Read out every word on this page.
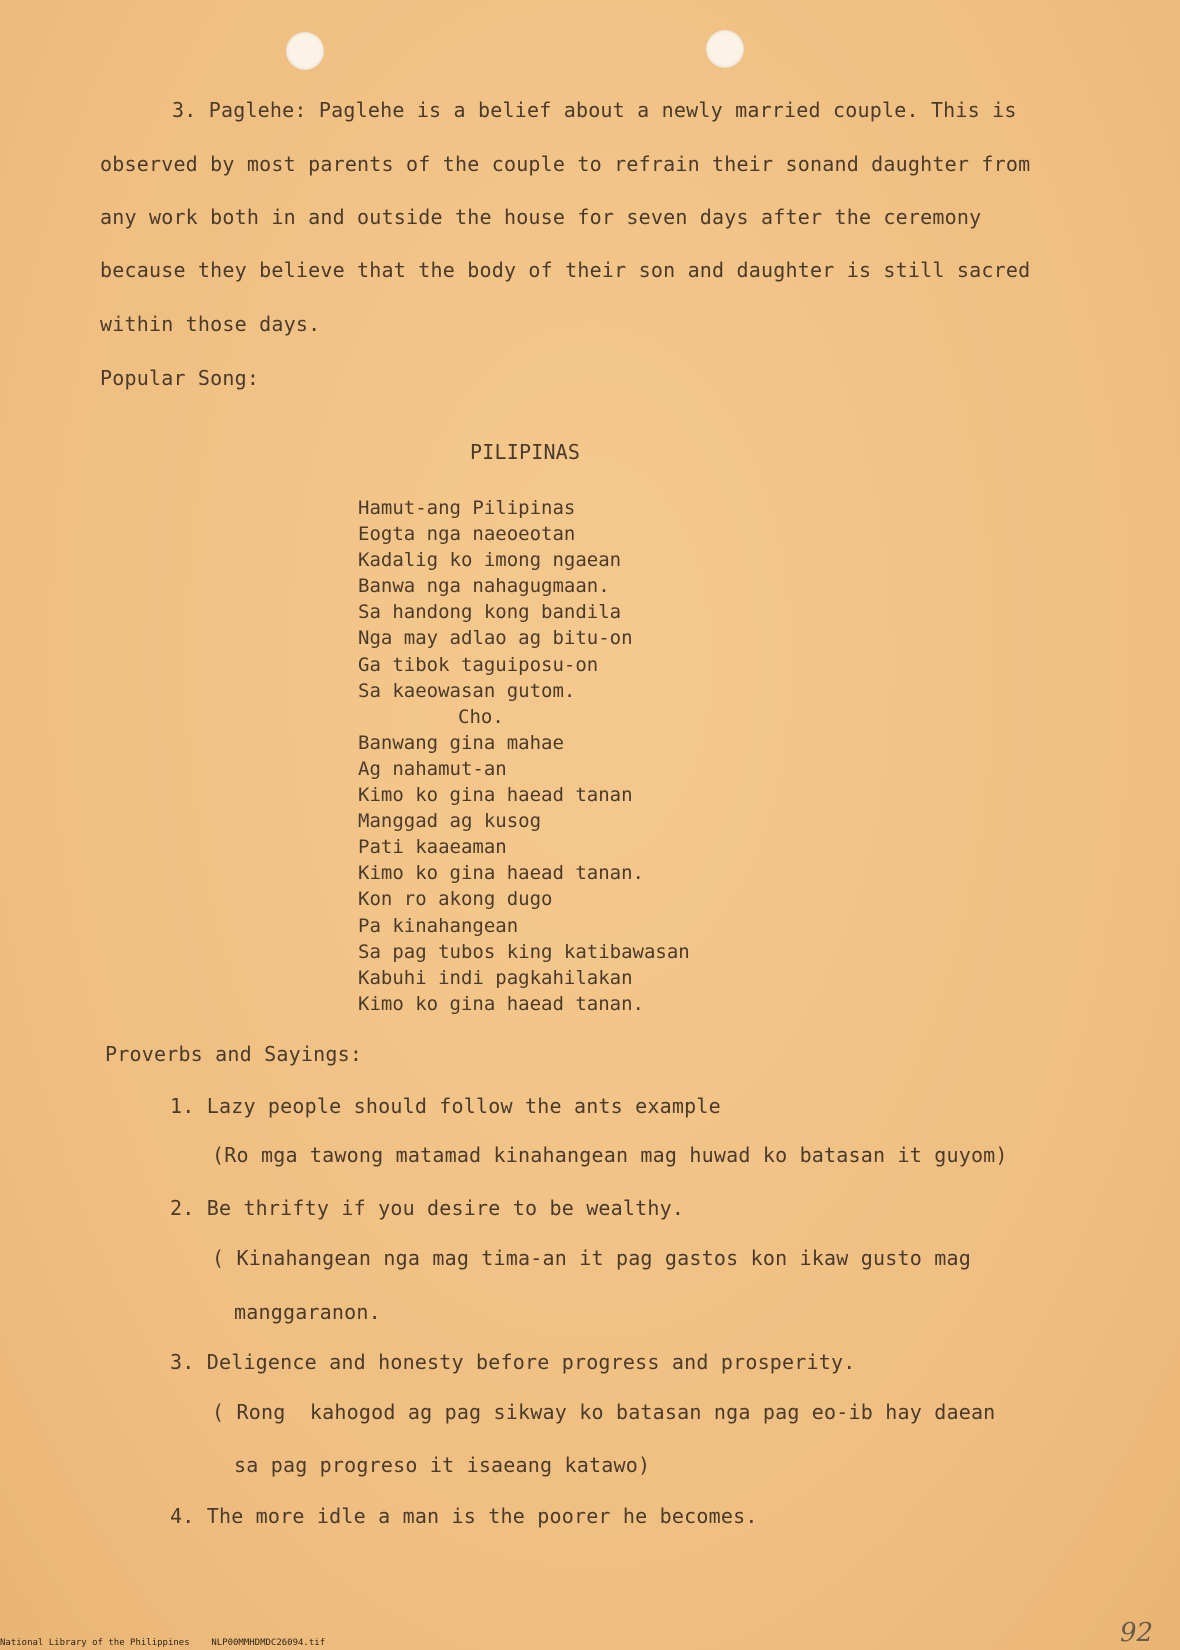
3. Paglehe: Paglehe is a belief about a newly married couple. This is
observed by most parents of the couple to refrain their sonand daughter from
any work both in and outside the house for seven days after the ceremony
because they believe that the body of their son and daughter is still sacred
within those days.
Popular Song:
PILIPINAS
Hamut-ang Pilipinas
Eogta nga naeoeotan
Kadalig ko imong ngaean
Banwa nga nahagugmaan.
Sa handong kong bandila
Nga may adlao ag bitu-on
Ga tibok taguiposu-on
Sa kaeowasan gutom.
Cho.
Banwang gina mahae
Ag nahamut-an
Kimo ko gina haead tanan
Manggad ag kusog
Pati kaaeaman
Kimo ko gina haead tanan.
Kon ro akong dugo
Pa kinahangean
Sa pag tubos king katibawasan
Kabuhi indi pagkahilakan
Kimo ko gina haead tanan.
Proverbs and Sayings:
1. Lazy people should follow the ants example
(Ro mga tawong matamad kinahangean mag huwad ko batasan it guyom)
2. Be thrifty if you desire to be wealthy.
( Kinahangean nga mag tima-an it pag gastos kon ikaw gusto mag
manggaranon.
3. Deligence and honesty before progress and prosperity.
( Rong  kahogod ag pag sikway ko batasan nga pag eo-ib hay daean
sa pag progreso it isaeang katawo)
4. The more idle a man is the poorer he becomes.
National Library of the Philippines    NLP00MMHDMDC26094.tif	92
